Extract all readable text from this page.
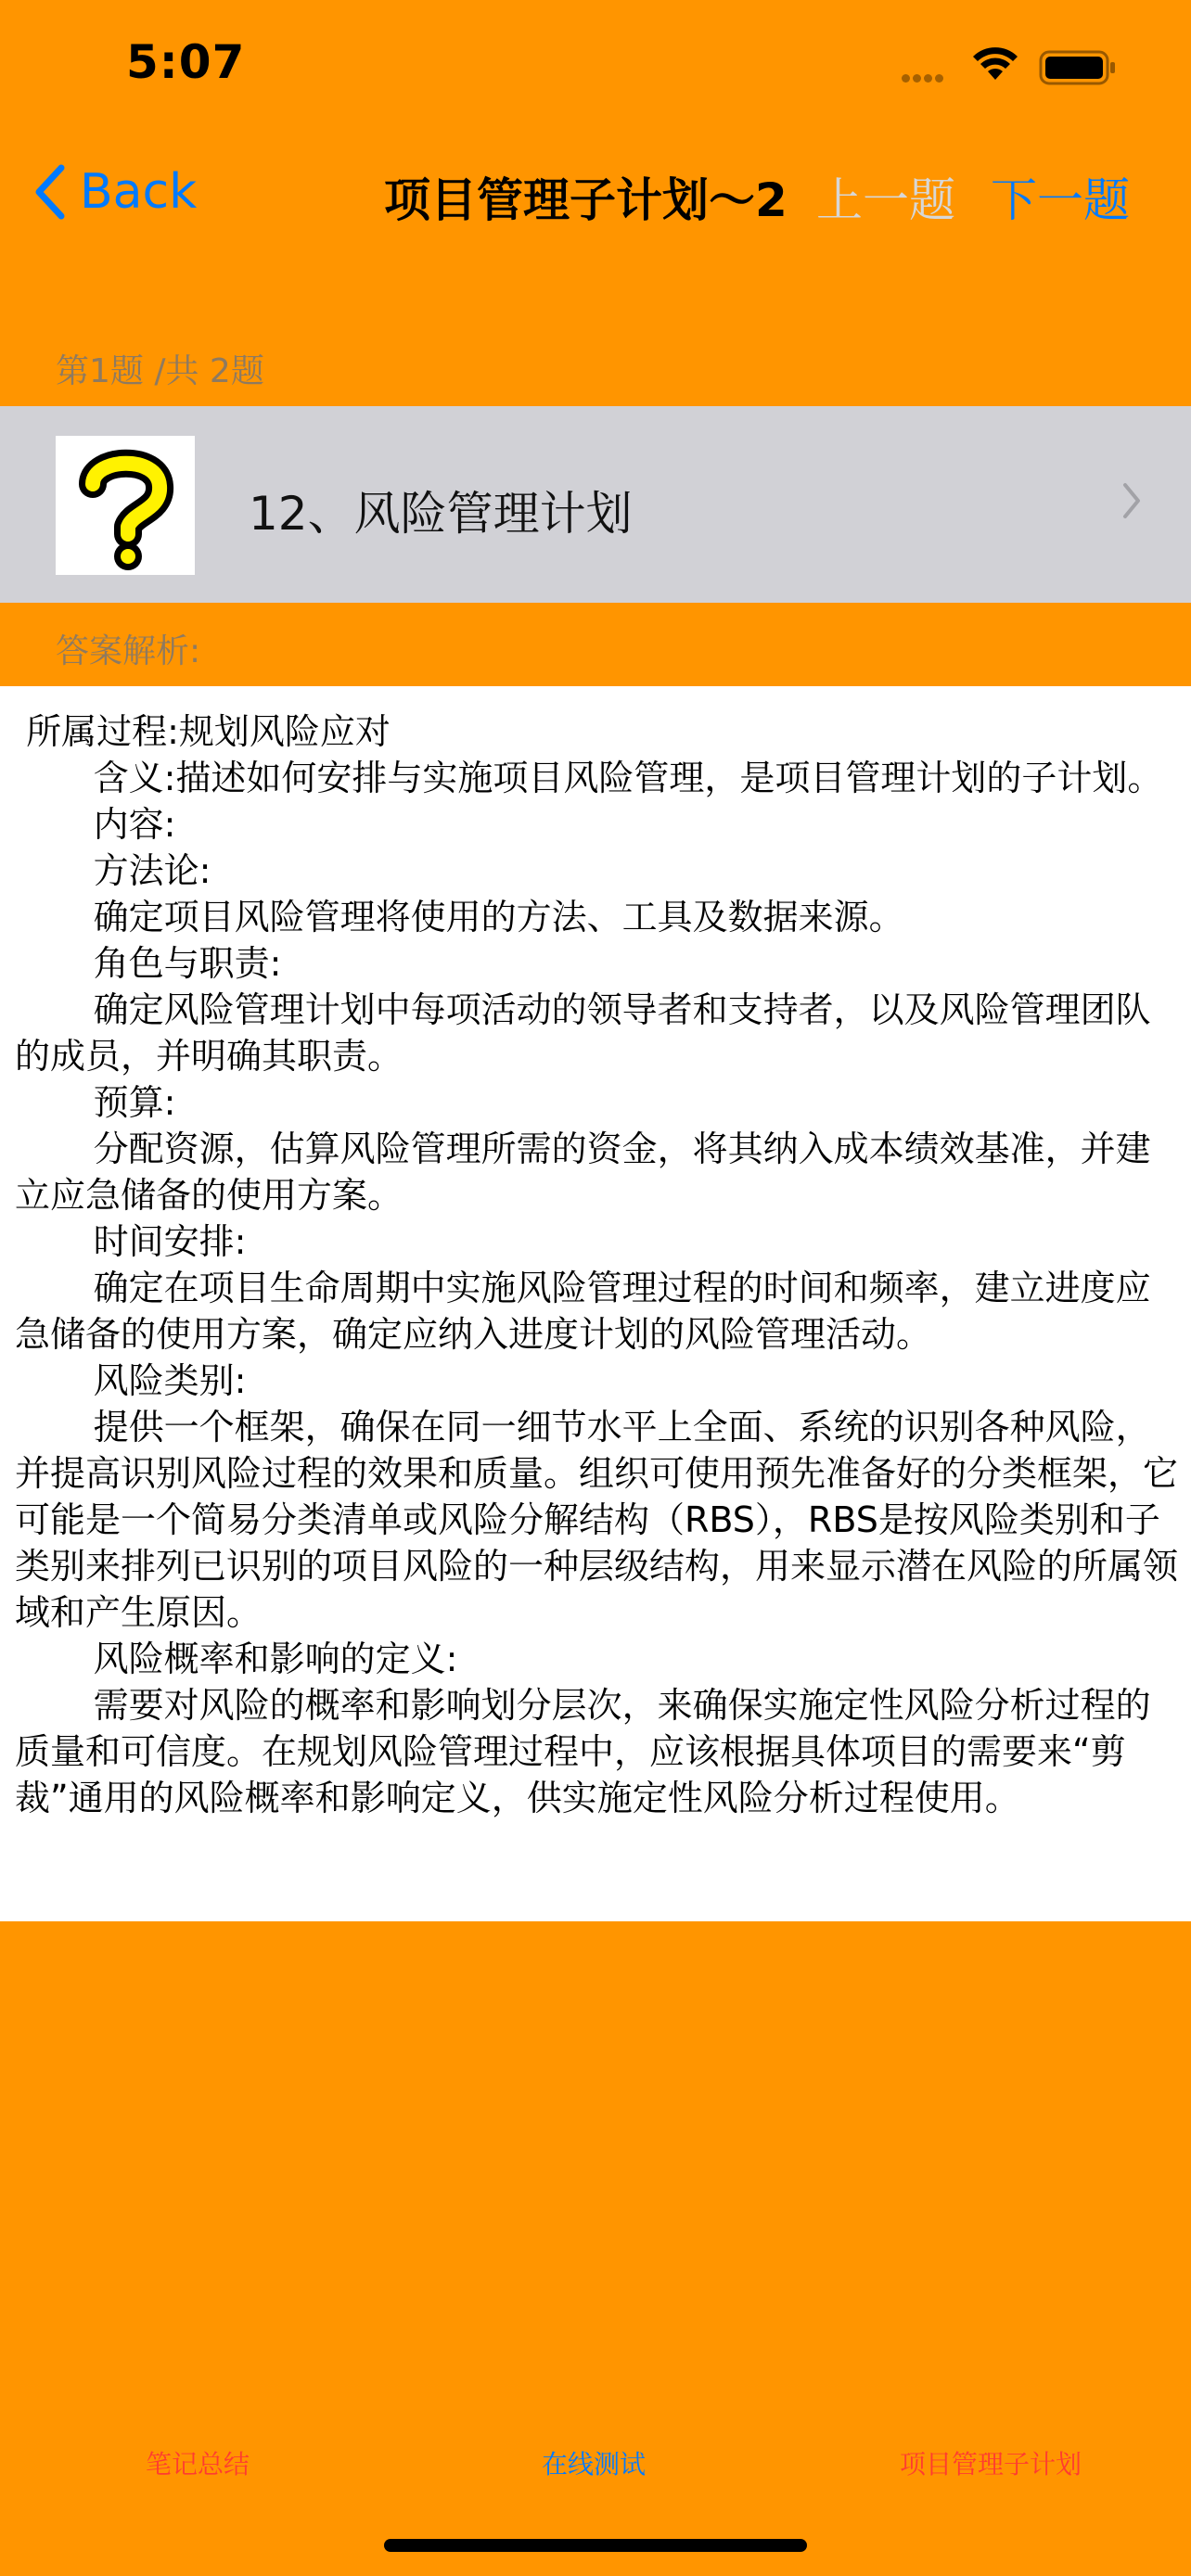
5:07
Back	项目管理子计划～2 上一题 下一题
第1题 /共 2题
12、风险管理计划
答案解析:
所属过程:规划风险应对
含义:描述如何安排与实施项目风险管理，是项目管理计划的子计划。
内容:
方法论:
确定项目风险管理将使用的方法、工具及数据来源。
角色与职责:
确定风险管理计划中每项活动的领导者和支持者，以及风险管理团队的成员，并明确其职责。
预算:
分配资源，估算风险管理所需的资金，将其纳入成本绩效基准，并建立应急储备的使用方案。
时间安排:
确定在项目生命周期中实施风险管理过程的时间和频率，建立进度应急储备的使用方案，确定应纳入进度计划的风险管理活动。
风险类别:
提供一个框架，确保在同一细节水平上全面、系统的识别各种风险，并提高识别风险过程的效果和质量。组织可使用预先准备好的分类框架，它可能是一个简易分类清单或风险分解结构（RBS），RBS是按风险类别和子类别来排列已识别的项目风险的一种层级结构，用来显示潜在风险的所属领域和产生原因。
风险概率和影响的定义:
需要对风险的概率和影响划分层次，来确保实施定性风险分析过程的质量和可信度。在规划风险管理过程中，应该根据具体项目的需要来“剪裁”通用的风险概率和影响定义，供实施定性风险分析过程使用。
笔记总结	在线测试	项目管理子计划
